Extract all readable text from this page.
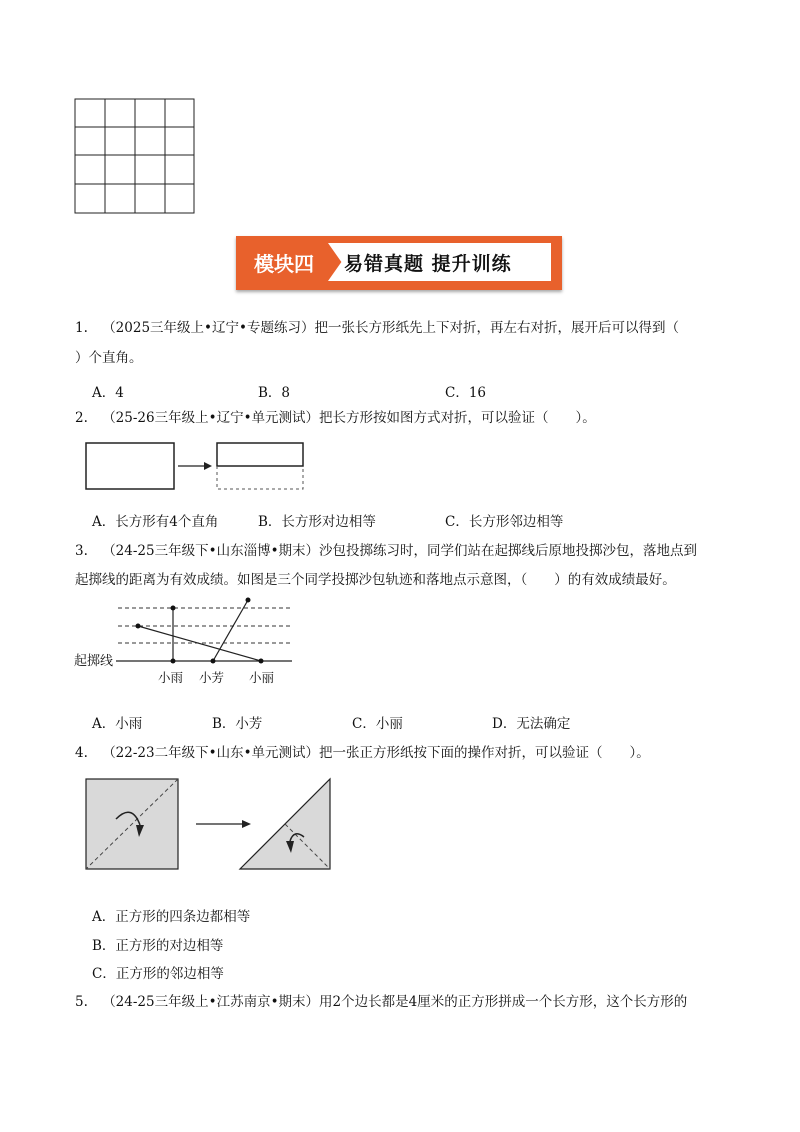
模块四	易错真题 提升训练
1. （2025三年级上•辽宁•专题练习）把一张长方形纸先上下对折，再左右对折，展开后可以得到（
）个直角。
A．4	B．8	C．16
2. （25-26三年级上•辽宁•单元测试）把长方形按如图方式对折，可以验证（　　）。
A．长方形有4个直角	B．长方形对边相等	C．长方形邻边相等
3. （24-25三年级下•山东淄博•期末）沙包投掷练习时，同学们站在起掷线后原地投掷沙包，落地点到
起掷线的距离为有效成绩。如图是三个同学投掷沙包轨迹和落地点示意图，（　　）的有效成绩最好。
起掷线
小雨 小芳 小丽
A．小雨	B．小芳	C．小丽	D．无法确定
4. （22-23二年级下•山东•单元测试）把一张正方形纸按下面的操作对折，可以验证（　　）。
A．正方形的四条边都相等
B．正方形的对边相等
C．正方形的邻边相等
5. （24-25三年级上•江苏南京•期末）用2个边长都是4厘米的正方形拼成一个长方形，这个长方形的
